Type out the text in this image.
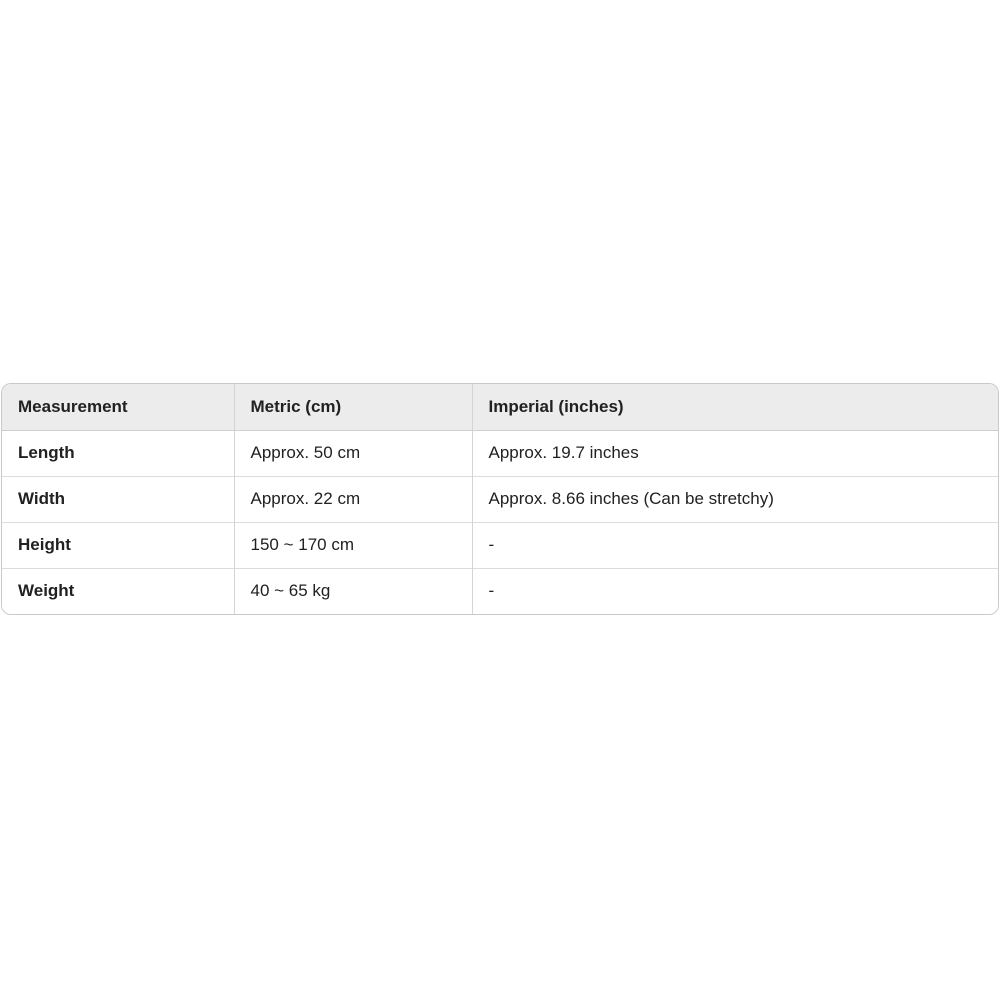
Measurement	Metric (cm)	Imperial (inches)
Length	Approx. 50 cm	Approx. 19.7 inches
Width	Approx. 22 cm	Approx. 8.66 inches (Can be stretchy)
Height	150 ~ 170 cm	-
Weight	40 ~ 65 kg	-
